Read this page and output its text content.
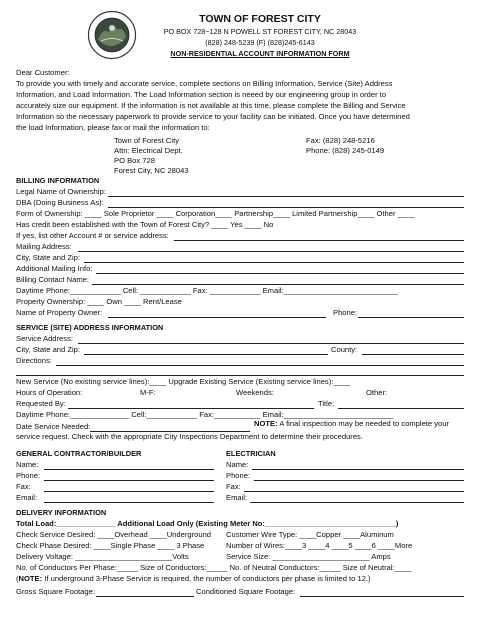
TOWN OF FOREST CITY
PO BOX 728~128 N POWELL ST FOREST CITY, NC 28043
(828) 248-5239 (F) (828)245-6143
NON-RESIDENTIAL ACCOUNT INFORMATION FORM
Dear Customer:
To provide you with timely and accurate service, complete sections on Billing Information, Service (Site) Address
Information, and Load Information. The Load Information section is neeed by our engineering group in order to
accurately size our equipment. If the information is not available at this time, please complete the Billing and Service
Information so the necessary paperwork to provide service to your facility can be initiated. Once you have determined
the load Information, please fax or mail the information to:
Town of Forest City
Attn: Electrical Dept.
PO Box 728
Forest City, NC 28043
Fax: (828) 248-5216
Phone: (828) 245-0149
BILLING INFORMATION
Legal Name of Ownership:
DBA (Doing Business As):
Form of Ownership: ____ Sole Proprietor ____ Corporation____ Partnership____ Limited Partnership____ Other ____
Has credit been established with the Town of Forest City? ____ Yes ____ No
If yes, list other Account # or service address:
Mailing Address:
City, State and Zip:
Additional Mailing Info:
Billing Contact Name:
Daytime Phone:____________ Cell: ____________ Fax: ____________ Email:___________________________
Property Ownership: ____ Own ____ Rent/Lease
Name of Property Owner:	Phone:
SERVICE (SITE) ADDRESS INFORMATION
Service Address:
City, State and Zip:	County:
Directions:
New Service (No existing service lines):____ Upgrade Existing Service (Existing service lines):____
Hours of Operation:	M-F:	Weekends:	Other:
Requested By:	Title:
Daytime Phone:______________ Cell:____________ Fax:___________ Email:__________________________
Date Service Needed:	NOTE: A final inspection may be needed to complete your
service request. Check with the appropriate City Inspections Department to determine their procedures.
GENERAL CONTRACTOR/BUILDER
Name:
Phone:
Fax:
Email:
ELECTRICIAN
Name:
Phone:
Fax:
Email:
DELIVERY INFORMATION
Total Load:______________ Additional Load Only (Existing Meter No:_______________________________)
Check Service Desired: ____Overhead ____Underground Customer Wire Type: ____Copper ____Aluminum
Check Phase Desired: ____Single Phase ____ 3 Phase	Number of Wires:____3 ____4 ____5 ____6 ____More
Delivery Voltage: _______________________Volts	Service Size: _______________________ Amps
No. of Conductors Per Phase:_____ Size of Conductors:_____ No. of Neutral Conductors:_____ Size of Neutral:____
(NOTE: If underground 3-Phase Service is required, the number of conductors per phase is limited to 12.)
Gross Square Footage:	Conditioned Square Footage:
